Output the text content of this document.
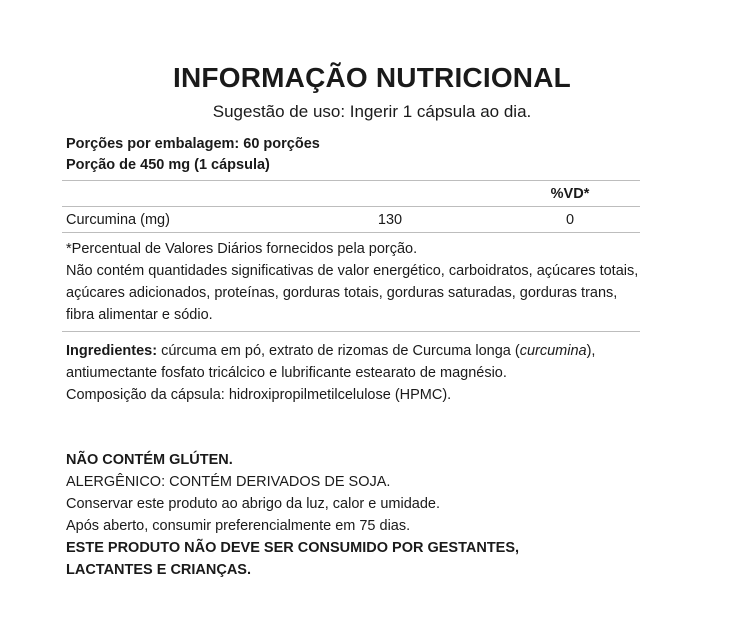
INFORMAÇÃO NUTRICIONAL
Sugestão de uso: Ingerir 1 cápsula ao dia.
Porções por embalagem: 60 porções
Porção de 450 mg (1 cápsula)
%VD*
Curcumina (mg)	130	0

*Percentual de Valores Diários fornecidos pela porção.

Não contém quantidades significativas de valor energético, carboidratos, açúcares totais, açúcares adicionados, proteínas, gorduras totais, gorduras saturadas, gorduras trans, fibra alimentar e sódio.

Ingredientes: cúrcuma em pó, extrato de rizomas de Curcuma longa (curcumina), antiumectante fosfato tricálcico e lubrificante estearato de magnésio.

Composição da cápsula: hidroxipropilmetilcelulose (HPMC).

NÃO CONTÉM GLÚTEN.

ALERGÊNICO: CONTÉM DERIVADOS DE SOJA.

Conservar este produto ao abrigo da luz, calor e umidade.

Após aberto, consumir preferencialmente em 75 dias.

ESTE PRODUTO NÃO DEVE SER CONSUMIDO POR GESTANTES, LACTANTES E CRIANÇAS.
